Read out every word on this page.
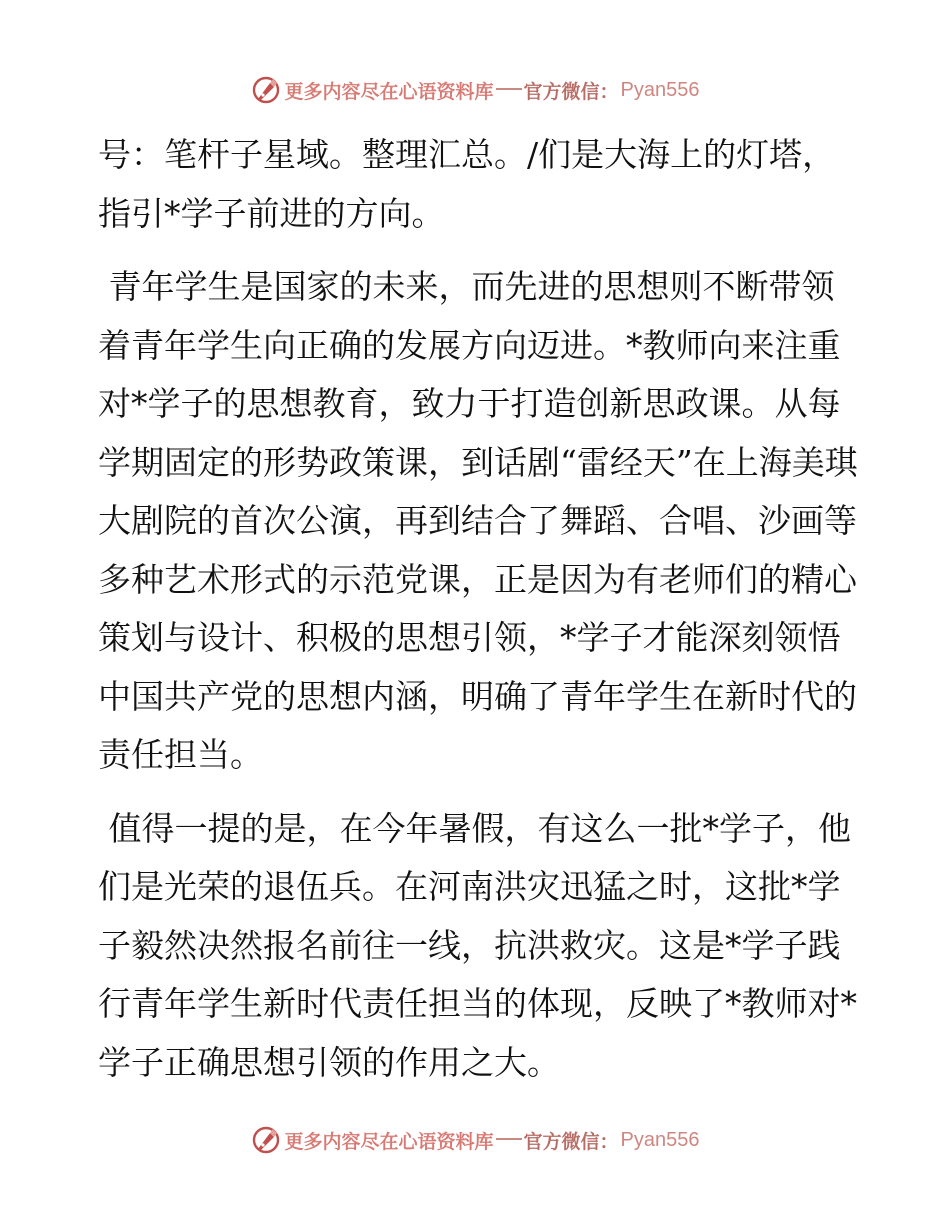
更多内容尽在心语资料库 官方微信： Pyan556

号：笔杆子星域。整理汇总。/们是大海上的灯塔，指引*学子前进的方向。

青年学生是国家的未来，而先进的思想则不断带领着青年学生向正确的发展方向迈进。*教师向来注重对*学子的思想教育，致力于打造创新思政课。从每学期固定的形势政策课，到话剧“雷经天”在上海美琪大剧院的首次公演，再到结合了舞蹈、合唱、沙画等多种艺术形式的示范党课，正是因为有老师们的精心策划与设计、积极的思想引领，*学子才能深刻领悟中国共产党的思想内涵，明确了青年学生在新时代的责任担当。

值得一提的是，在今年暑假，有这么一批*学子，他们是光荣的退伍兵。在河南洪灾迅猛之时，这批*学子毅然决然报名前往一线，抗洪救灾。这是*学子践行青年学生新时代责任担当的体现，反映了*教师对*学子正确思想引领的作用之大。

更多内容尽在心语资料库 官方微信： Pyan556
